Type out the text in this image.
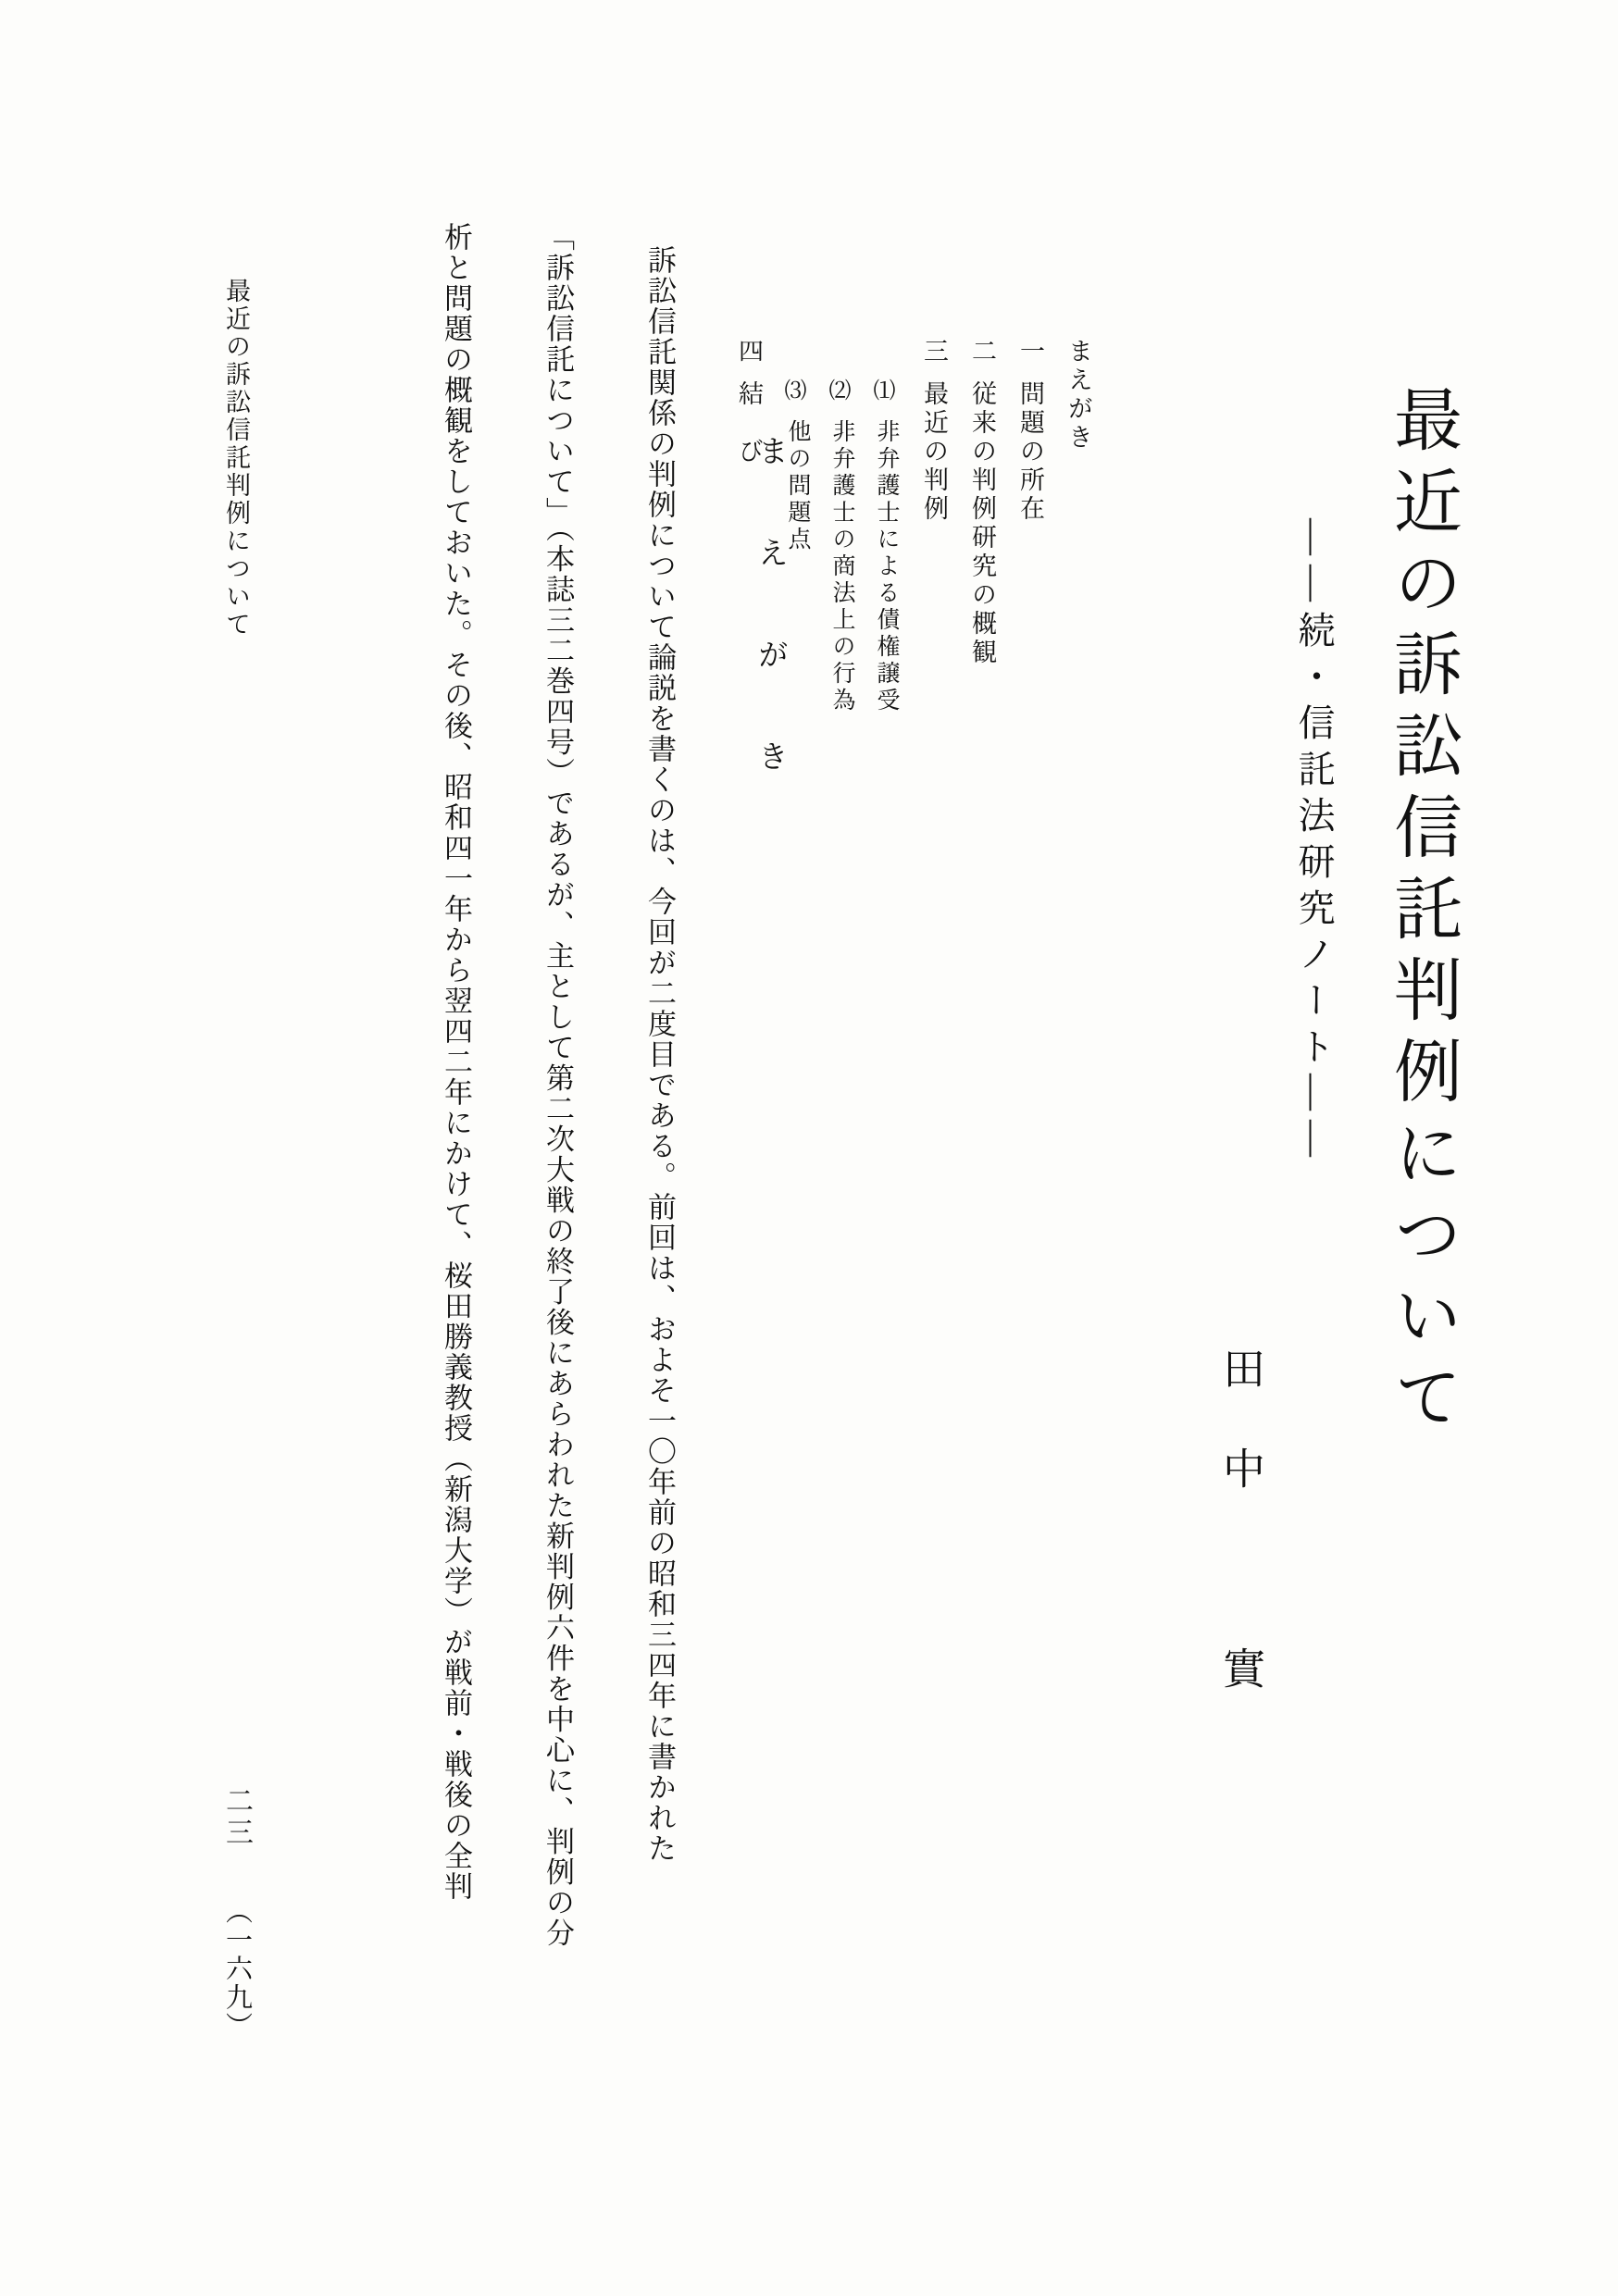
最近の訴訟信託判例について	最近の訴訟信託判例について
――続・信託法研究ノート――
田中　實
まえがき
一
問題の所在
二
従来の判例研究の概観
三
最近の判例
⑴
非弁護士による債権譲受
⑵
非弁護士の商法上の行為
⑶
他の問題点
四
結　び
ま　え　が　き
訴訟信託関係の判例について論説を書くのは、今回が二度目である。前回は、およそ一〇年前の昭和三四年に書かれた
「訴訟信託について」（本誌三二巻四号）であるが、主として第二次大戦の終了後にあらわれた新判例六件を中心に、判例の分
析と問題の概観をしておいた。その後、昭和四一年から翌四二年にかけて、桜田勝義教授（新潟大学）が戦前・戦後の全判
二三
（一六九）
